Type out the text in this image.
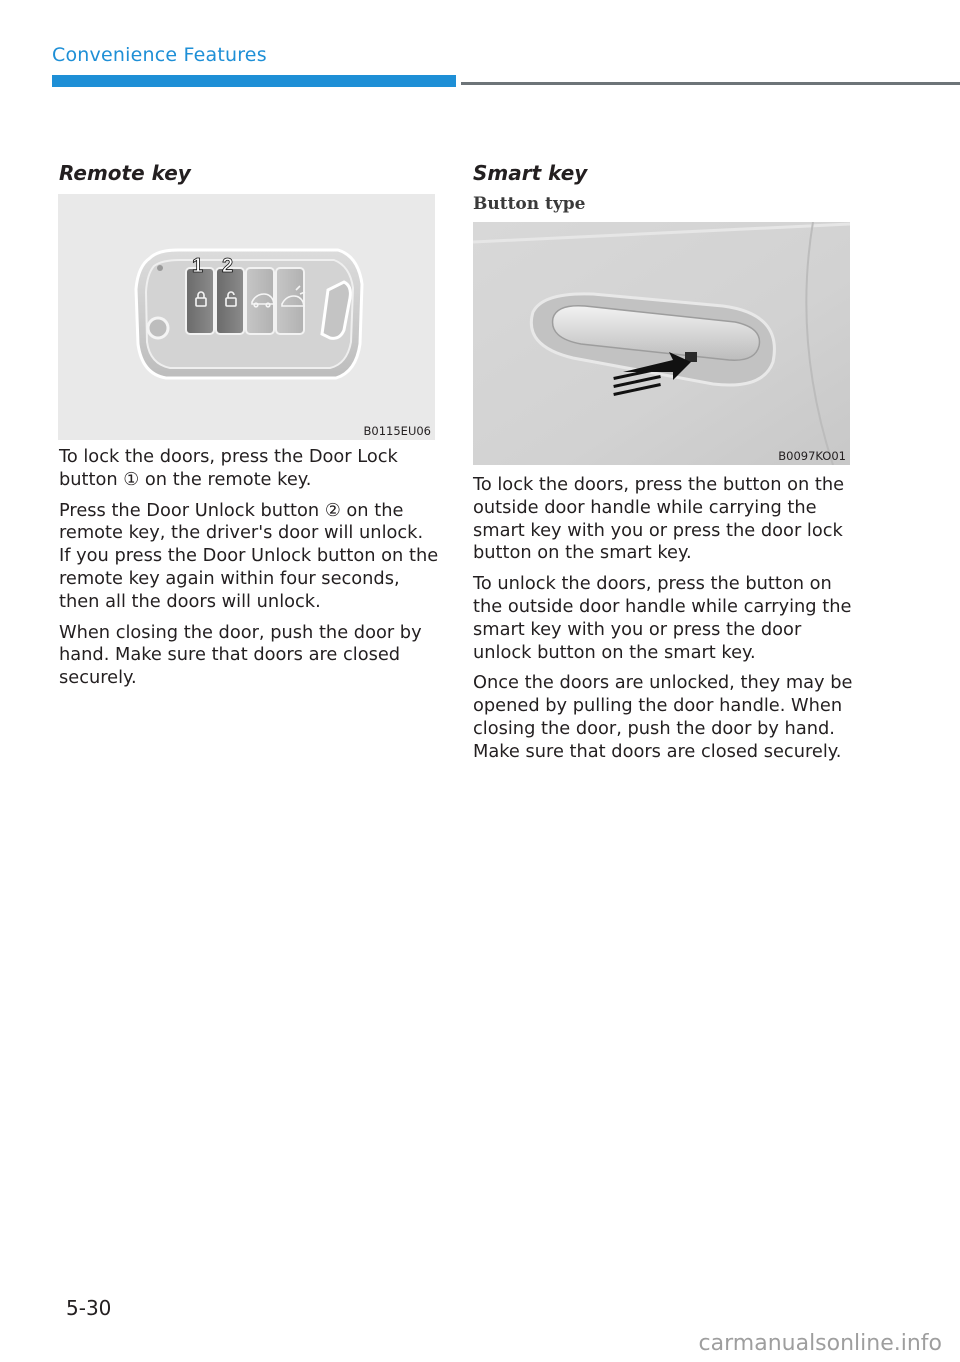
Convenience Features
Remote key
1 2
B0115EU06

To lock the doors, press the Door Lock button ① on the remote key.

Press the Door Unlock button ② on the remote key, the driver's door will unlock. If you press the Door Unlock button on the remote key again within four seconds, then all the doors will unlock.

When closing the door, push the door by hand. Make sure that doors are closed securely.

Smart key
Button type
B0097KO01

To lock the doors, press the button on the outside door handle while carrying the smart key with you or press the door lock button on the smart key.

To unlock the doors, press the button on the outside door handle while carrying the smart key with you or press the door unlock button on the smart key.

Once the doors are unlocked, they may be opened by pulling the door handle. When closing the door, push the door by hand. Make sure that doors are closed securely.

5-30
carmanualsonline.info
